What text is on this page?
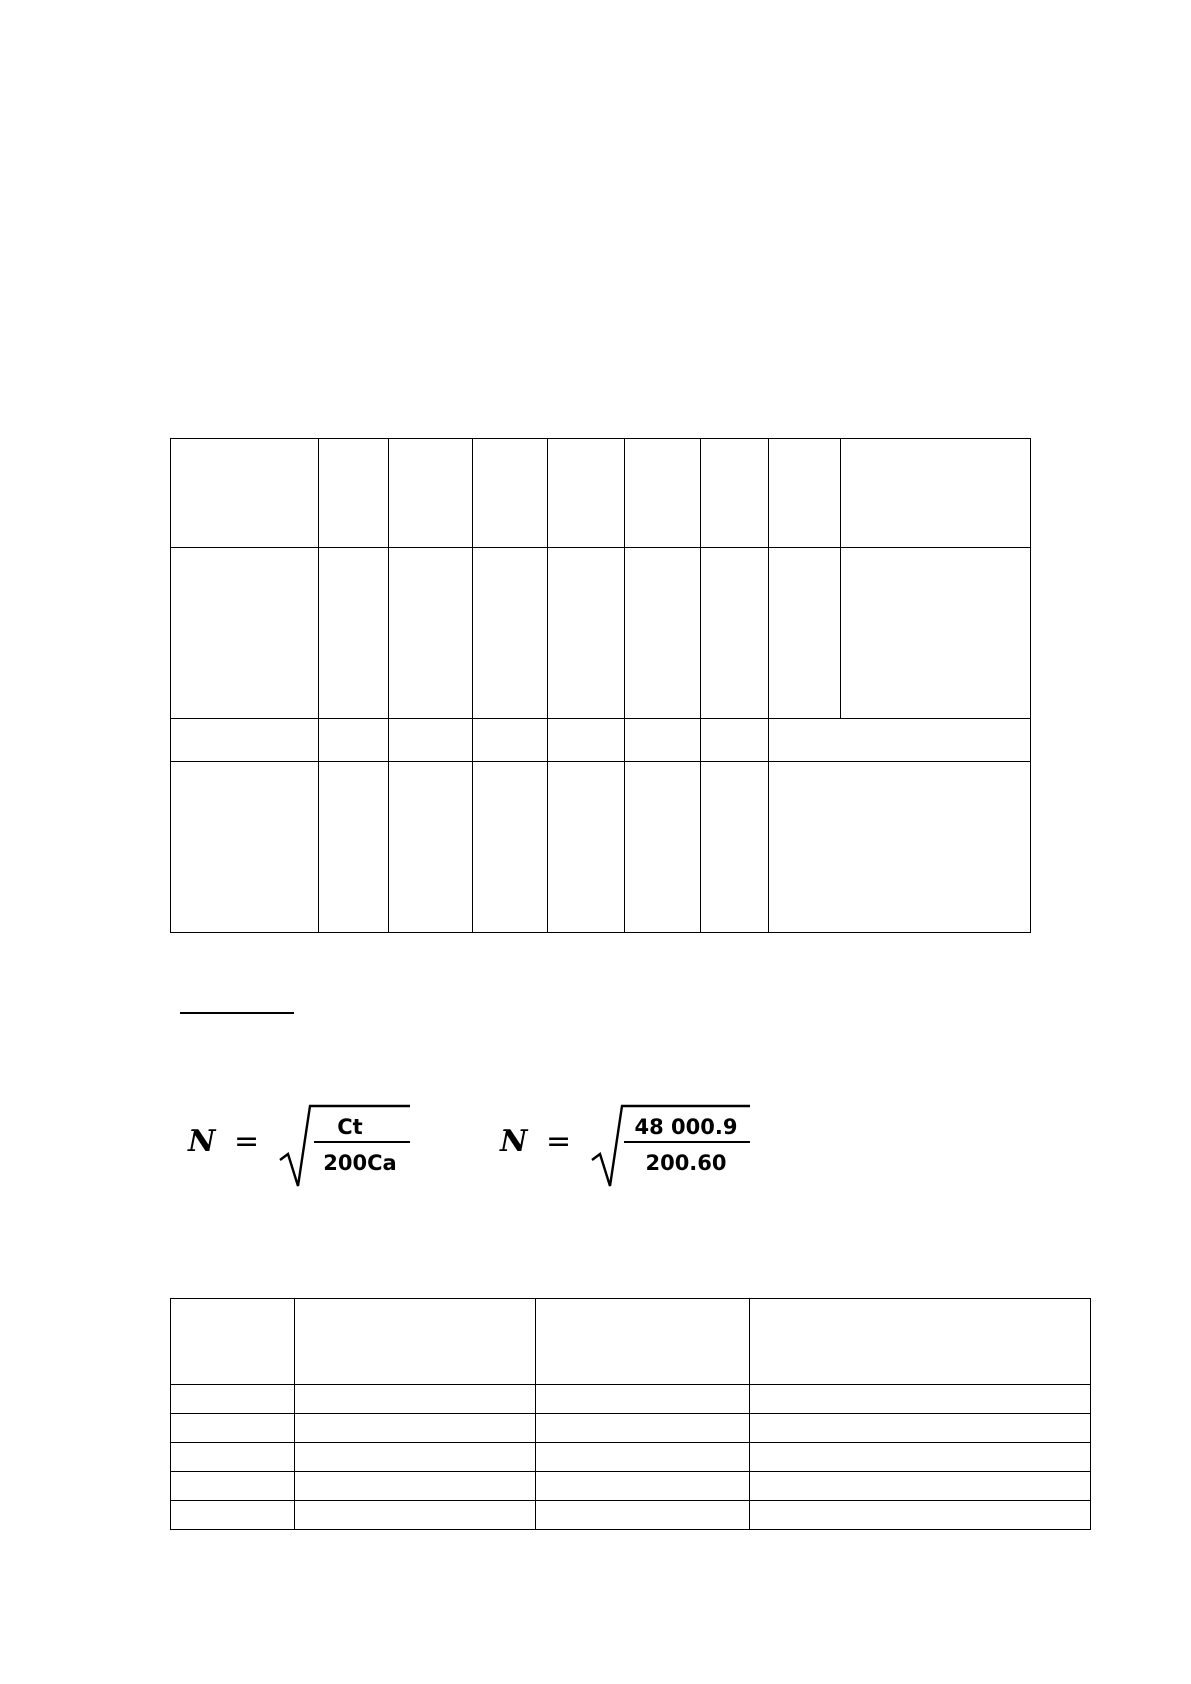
N =	Ct
200Ca
N =	48 000.9
200.60
